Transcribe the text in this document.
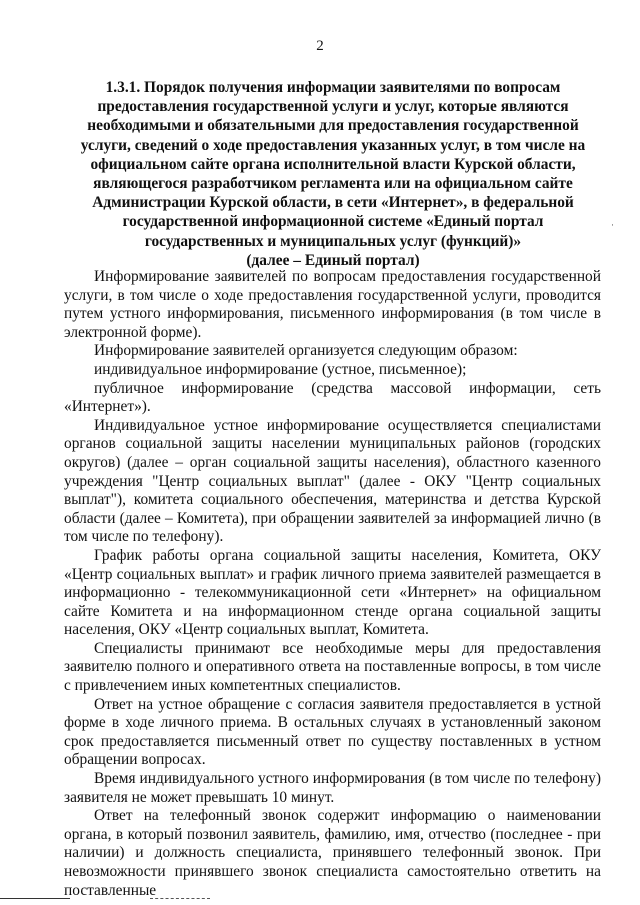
2
1.3.1. Порядок получения информации заявителями по вопросам
предоставления государственной услуги и услуг, которые являются
необходимыми и обязательными для предоставления государственной
услуги, сведений о ходе предоставления указанных услуг, в том числе на
официальном сайте органа исполнительной власти Курской области,
являющегося разработчиком регламента или на официальном сайте
Администрации Курской области, в сети «Интернет», в федеральной
государственной информационной системе «Единый портал
государственных и муниципальных услуг (функций)»
(далее – Единый портал)
·

Информирование заявителей по вопросам предоставления государственной услуги, в том числе о ходе предоставления государственной услуги, проводится путем устного информирования, письменного информирования (в том числе в электронной форме).

Информирование заявителей организуется следующим образом:

индивидуальное информирование (устное, письменное);

публичное информирование (средства массовой информации, сеть «Интернет»).

Индивидуальное устное информирование осуществляется специалистами органов социальной защиты населении муниципальных районов (городских округов) (далее – орган социальной защиты населения), областного казенного учреждения "Центр социальных выплат" (далее - ОКУ "Центр социальных выплат"), комитета социального обеспечения, материнства и детства Курской области (далее – Комитета), при обращении заявителей за информацией лично (в том числе по телефону).

График работы органа социальной защиты населения, Комитета, ОКУ «Центр социальных выплат» и график личного приема заявителей размещается в информационно - телекоммуникационной сети «Интернет» на официальном сайте Комитета и на информационном стенде органа социальной защиты населения, ОКУ «Центр социальных выплат, Комитета.

Специалисты принимают все необходимые меры для предоставления заявителю полного и оперативного ответа на поставленные вопросы, в том числе с привлечением иных компетентных специалистов.

Ответ на устное обращение с согласия заявителя предоставляется в устной форме в ходе личного приема. В остальных случаях в установленный законом срок предоставляется письменный ответ по существу поставленных в устном обращении вопросах.

Время индивидуального устного информирования (в том числе по телефону) заявителя не может превышать 10 минут.

Ответ на телефонный звонок содержит информацию о наименовании органа, в который позвонил заявитель, фамилию, имя, отчество (последнее - при наличии) и должность специалиста, принявшего телефонный звонок. При невозможности принявшего звонок специалиста самостоятельно ответить на поставленные
